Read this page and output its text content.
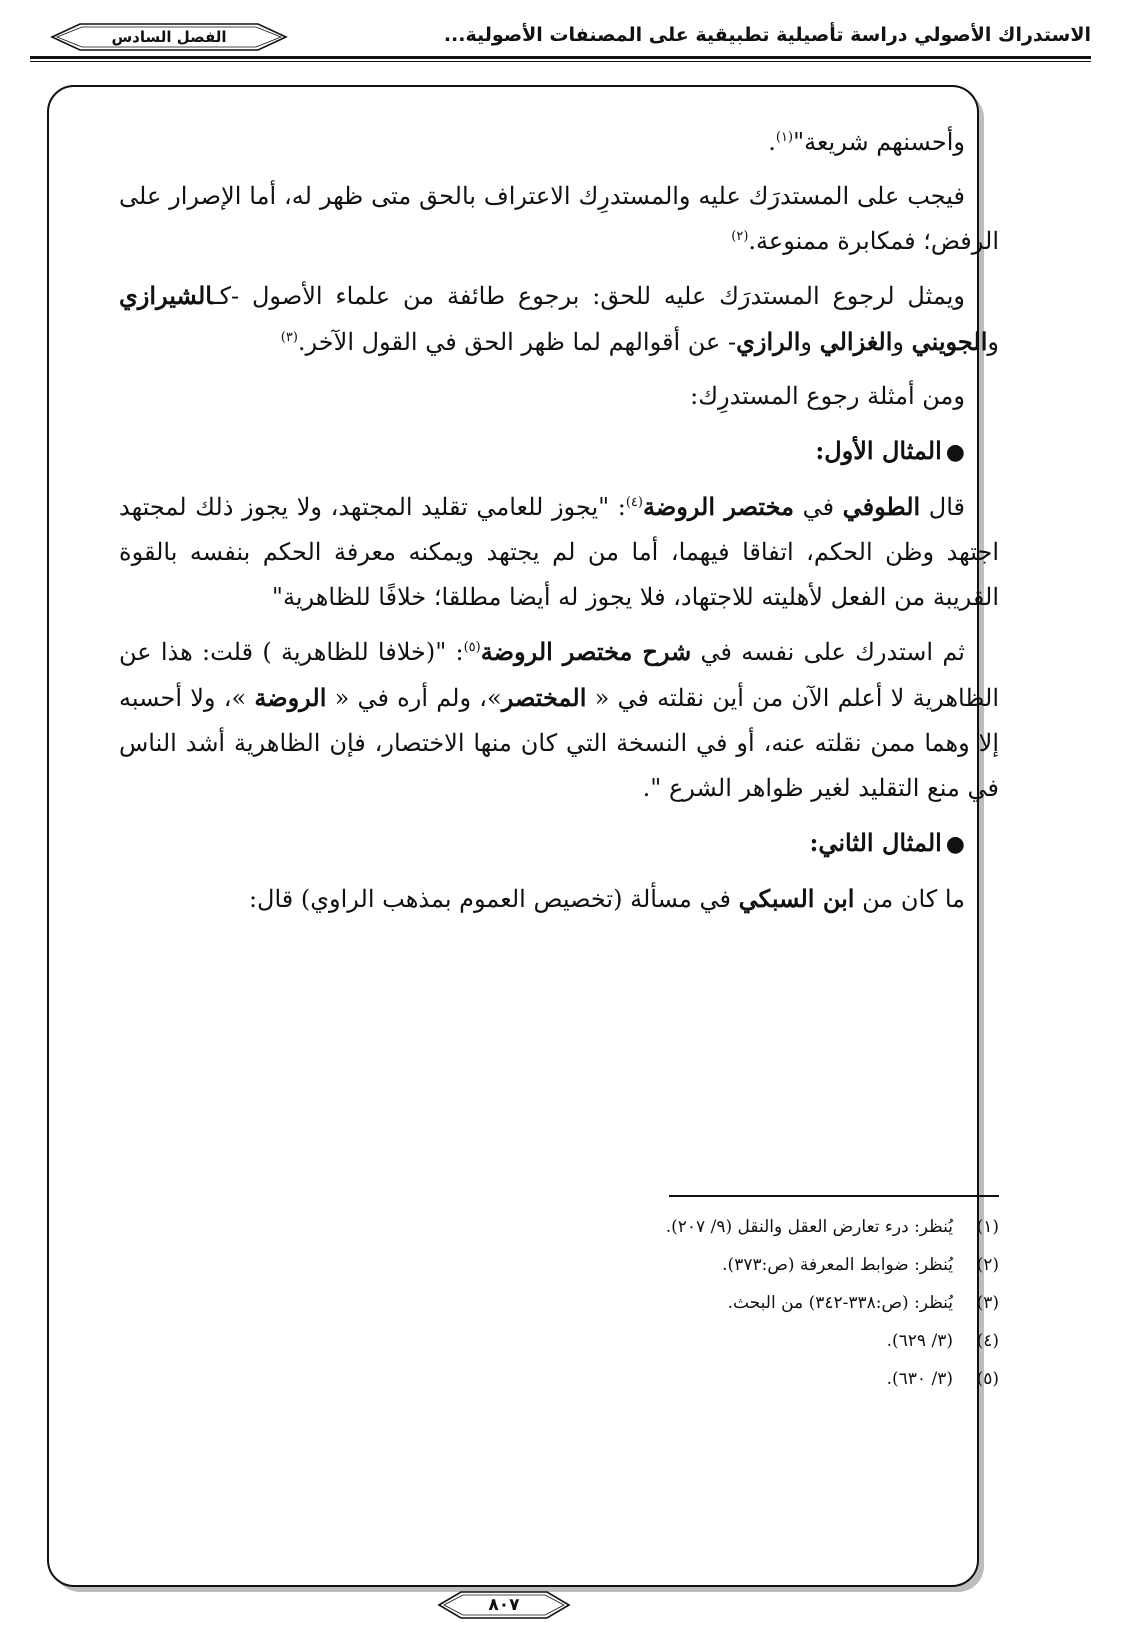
الاستدراك الأصولي دراسة تأصيلية تطبيقية على المصنفات الأصولية...
الفصل السادس

وأحسنهم شريعة"$^{(١)}$.

فيجب على المستدرَك عليه والمستدرِك الاعتراف بالحق متى ظهر له، أما الإصرار على الرفض؛ فمكابرة ممنوعة.$^{(٢)}$

ويمثل لرجوع المستدرَك عليه للحق: برجوع طائفة من علماء الأصول -كـالشيرازي والجويني والغزالي والرازي- عن أقوالهم لما ظهر الحق في القول الآخر.$^{(٣)}$

ومن أمثلة رجوع المستدرِك:

●المثال الأول:

قال الطوفي في مختصر الروضة$^{(٤)}$: "يجوز للعامي تقليد المجتهد، ولا يجوز ذلك لمجتهد اجتهد وظن الحكم، اتفاقا فيهما، أما من لم يجتهد ويمكنه معرفة الحكم بنفسه بالقوة القريبة من الفعل لأهليته للاجتهاد، فلا يجوز له أيضا مطلقا؛ خلافًا للظاهرية"

ثم استدرك على نفسه في شرح مختصر الروضة$^{(٥)}$: "(خلافا للظاهرية ) قلت: هذا عن الظاهرية لا أعلم الآن من أين نقلته في « المختصر»، ولم أره في « الروضة »، ولا أحسبه إلا وهما ممن نقلته عنه، أو في النسخة التي كان منها الاختصار، فإن الظاهرية أشد الناس في منع التقليد لغير ظواهر الشرع ".

●المثال الثاني:

ما كان من ابن السبكي في مسألة (تخصيص العموم بمذهب الراوي) قال:

(١)يُنظر: درء تعارض العقل والنقل (٩/ ٢٠٧).

(٢)يُنظر: ضوابط المعرفة (ص:٣٧٣).

(٣)يُنظر: (ص:٣٣٨-٣٤٢) من البحث.

(٤)(٣/ ٦٢٩).

(٥)(٣/ ٦٣٠).

٨٠٧
